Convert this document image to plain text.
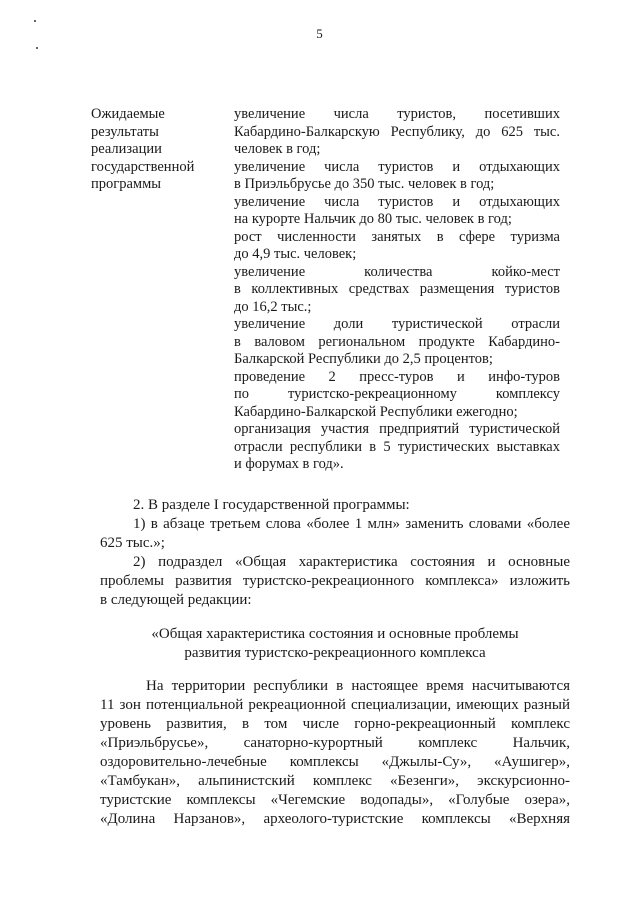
5
Ожидаемые
результаты
реализации
государственной
программы
увеличение числа туристов, посетивших
Кабардино-Балкарскую Республику, до 625 тыс.
человек в год;
увеличение числа туристов и отдыхающих
в Приэльбрусье до 350 тыс. человек в год;
увеличение числа туристов и отдыхающих
на курорте Нальчик до 80 тыс. человек в год;
рост численности занятых в сфере туризма
до 4,9 тыс. человек;
увеличение количества койко-мест
в коллективных средствах размещения туристов
до 16,2 тыс.;
увеличение доли туристической отрасли
в валовом региональном продукте Кабардино-
Балкарской Республики до 2,5 процентов;
проведение 2 пресс-туров и инфо-туров
по туристско-рекреационному комплексу
Кабардино-Балкарской Республики ежегодно;
организация участия предприятий туристической
отрасли республики в 5 туристических выставках
и форумах в год».
2. В разделе I государственной программы:
1) в абзаце третьем слова «более 1 млн» заменить словами «более
625 тыс.»;
2) подраздел «Общая характеристика состояния и основные
проблемы развития туристско-рекреационного комплекса» изложить
в следующей редакции:
«Общая характеристика состояния и основные проблемы
развития туристско-рекреационного комплекса
На территории республики в настоящее время насчитываются
11 зон потенциальной рекреационной специализации, имеющих разный
уровень развития, в том числе горно-рекреационный комплекс
«Приэльбрусье», санаторно-курортный комплекс Нальчик,
оздоровительно-лечебные комплексы «Джылы-Су», «Аушигер»,
«Тамбукан», альпинистский комплекс «Безенги», экскурсионно-
туристские комплексы «Чегемские водопады», «Голубые озера»,
«Долина Нарзанов», археолого-туристские комплексы «Верхняя
